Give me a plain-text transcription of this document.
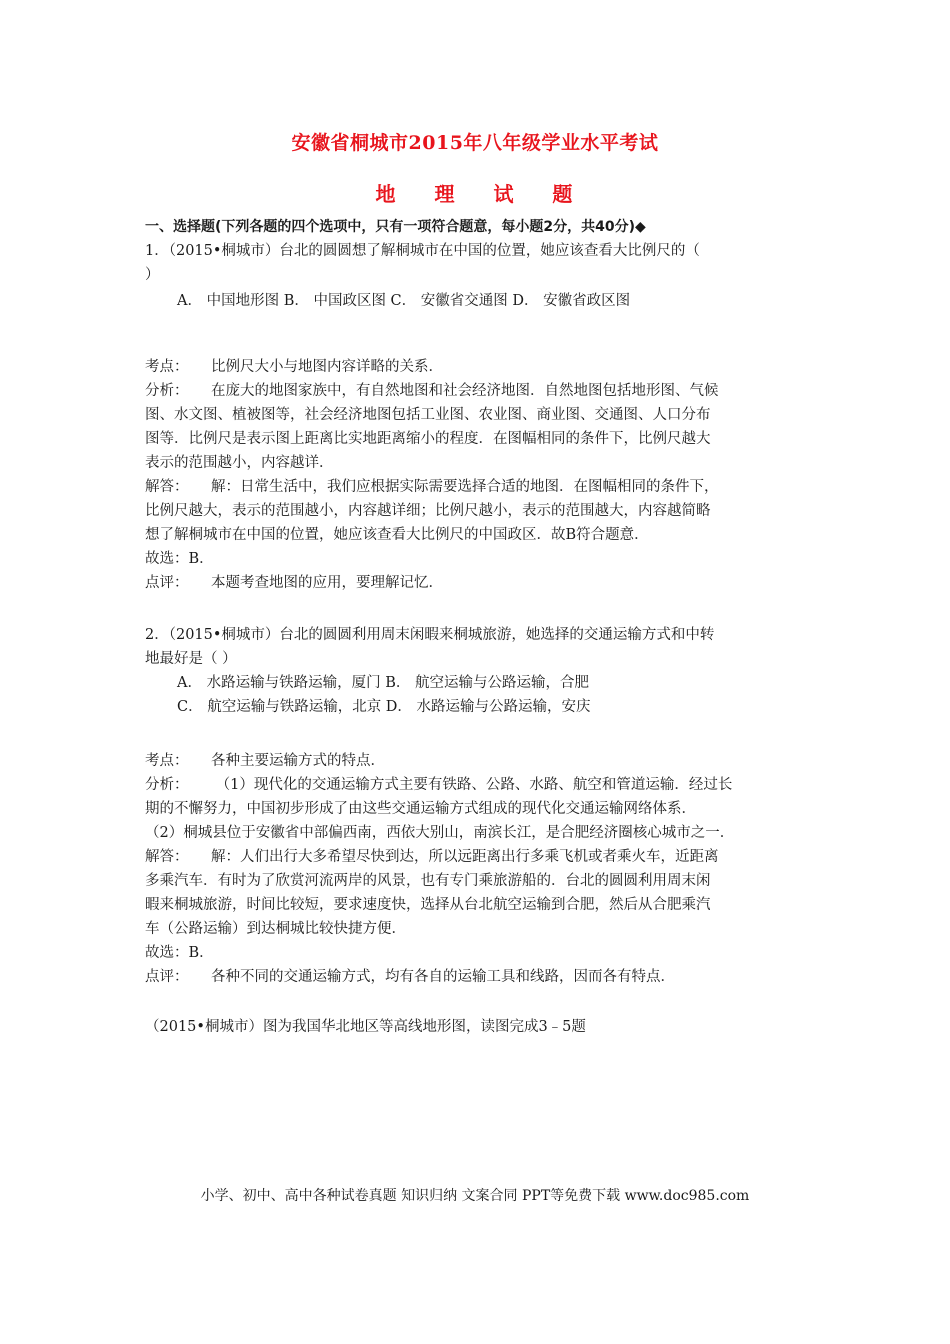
安徽省桐城市2015年八年级学业水平考试
地 理 试 题
一、选择题(下列各题的四个选项中，只有一项符合题意，每小题2分，共40分)◆
1．（2015•桐城市）台北的圆圆想了解桐城市在中国的位置，她应该查看大比例尺的（
）
A． 中国地形图 B． 中国政区图 C． 安徽省交通图 D． 安徽省政区图
考点： 比例尺大小与地图内容详略的关系．
分析： 在庞大的地图家族中，有自然地图和社会经济地图．自然地图包括地形图、气候
图、水文图、植被图等，社会经济地图包括工业图、农业图、商业图、交通图、人口分布
图等．比例尺是表示图上距离比实地距离缩小的程度．在图幅相同的条件下，比例尺越大
表示的范围越小，内容越详．
解答： 解：日常生活中，我们应根据实际需要选择合适的地图．在图幅相同的条件下，
比例尺越大，表示的范围越小，内容越详细；比例尺越小，表示的范围越大，内容越简略
想了解桐城市在中国的位置，她应该查看大比例尺的中国政区．故B符合题意．
故选：B．
点评： 本题考查地图的应用，要理解记忆．
2．（2015•桐城市）台北的圆圆利用周末闲暇来桐城旅游，她选择的交通运输方式和中转
地最好是（ ）
A． 水路运输与铁路运输，厦门 B． 航空运输与公路运输，合肥
C． 航空运输与铁路运输，北京 D． 水路运输与公路运输，安庆
考点： 各种主要运输方式的特点．
分析： （1）现代化的交通运输方式主要有铁路、公路、水路、航空和管道运输．经过长
期的不懈努力，中国初步形成了由这些交通运输方式组成的现代化交通运输网络体系．
（2）桐城县位于安徽省中部偏西南，西依大别山，南滨长江，是合肥经济圈核心城市之一．
解答： 解：人们出行大多希望尽快到达，所以远距离出行多乘飞机或者乘火车，近距离
多乘汽车．有时为了欣赏河流两岸的风景，也有专门乘旅游船的．台北的圆圆利用周末闲
暇来桐城旅游，时间比较短，要求速度快，选择从台北航空运输到合肥，然后从合肥乘汽
车（公路运输）到达桐城比较快捷方便．
故选：B．
点评： 各种不同的交通运输方式，均有各自的运输工具和线路，因而各有特点．
（2015•桐城市）图为我国华北地区等高线地形图，读图完成3﹣5题
小学、初中、高中各种试卷真题 知识归纳 文案合同 PPT等免费下载 www.doc985.com
